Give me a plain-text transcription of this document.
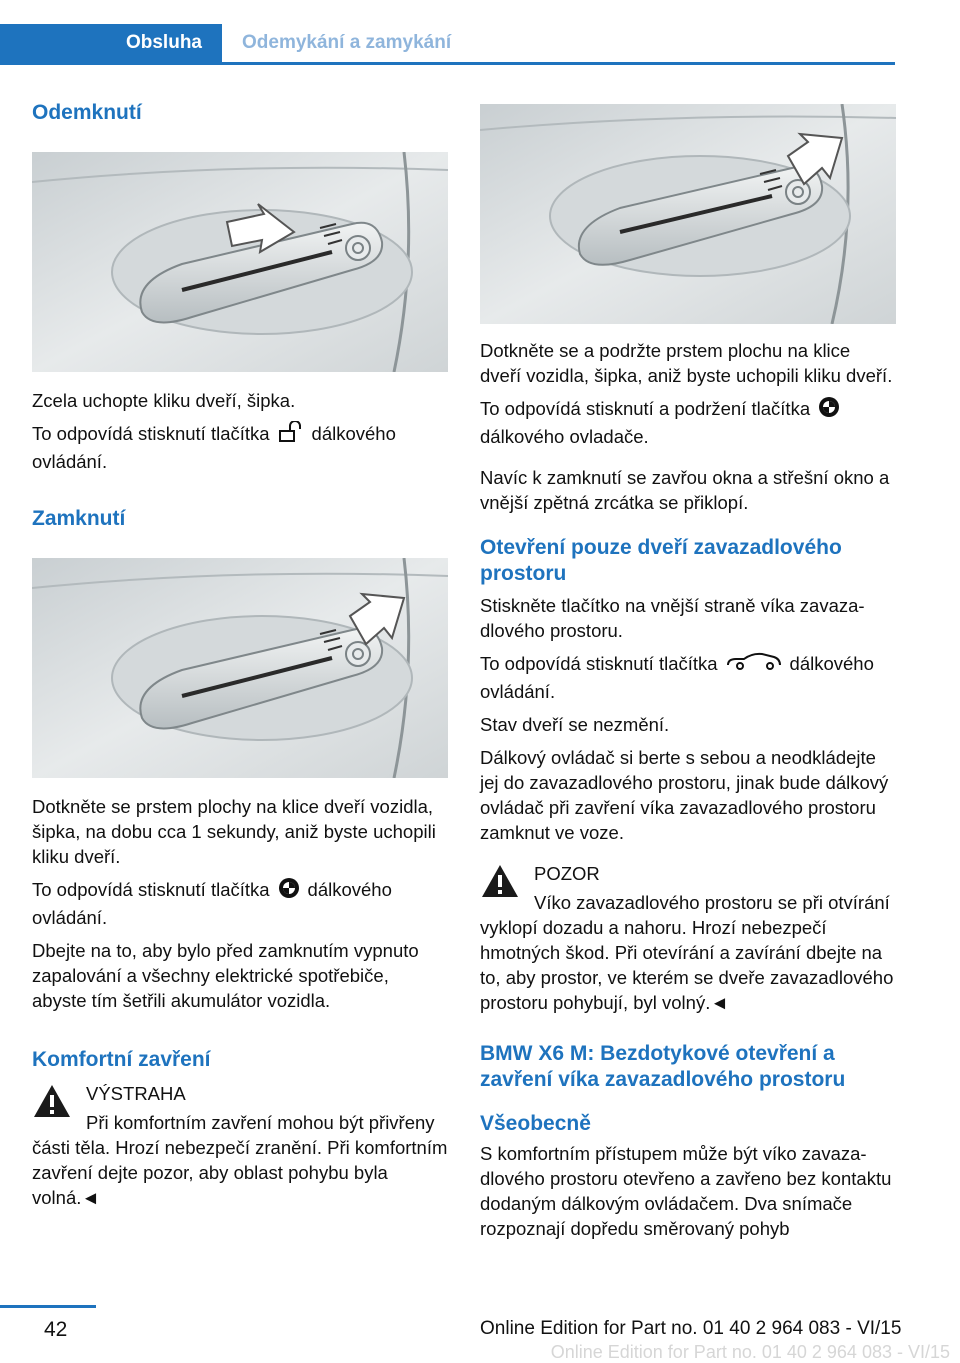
Obsluha Odemykání a zamykání
Odemknutí

Zcela uchopte kliku dveří, šipka.

To odpovídá stisknutí tlačítka dálkového ovládání.

Zamknutí

Dotkněte se prstem plochy na klice dveří vozidla, šipka, na dobu cca 1 sekundy, aniž byste uchopili kliku dveří.

To odpovídá stisknutí tlačítka dálkového ovládání.

Dbejte na to, aby bylo před zamknutím vypnuto zapalování a všechny elektrické spotřebiče, abyste tím šetřili akumulátor vozidla.

Komfortní zavření
VÝSTRAHA

Při komfortním zavření mohou být přivřeny části těla. Hrozí nebezpečí zranění. Při komfortním zavření dejte pozor, aby oblast pohybu byla volná.◄

Dotkněte se a podržte prstem plochu na klice dveří vozidla, šipka, aniž byste uchopili kliku dveří.

To odpovídá stisknutí a podržení tlačítka
dálkového ovladače.

Navíc k zamknutí se zavřou okna a střešní okno a vnější zpětná zrcátka se přiklopí.

Otevření pouze dveří zavazadlového prostoru

Stiskněte tlačítko na vnější straně víka zavazadlového prostoru.

To odpovídá stisknutí tlačítka	dálkového ovládání.

Stav dveří se nezmění.

Dálkový ovládač si berte s sebou a neodkládejte jej do zavazadlového prostoru, jinak bude dálkový ovládač při zavření víka zavazadlového prostoru zamknut ve voze.

POZOR

Víko zavazadlového prostoru se při otvírání vyklopí dozadu a nahoru. Hrozí nebezpečí hmotných škod. Při otevírání a zavírání dbejte na to, aby prostor, ve kterém se dveře zavazadlového prostoru pohybují, byl volný.◄

BMW X6 M: Bezdotykové otevření a zavření víka zavazadlového prostoru
Všeobecně

S komfortním přístupem může být víko zavazadlového prostoru otevřeno a zavřeno bez kontaktu dodaným dálkovým ovládačem. Dva snímače rozpoznají dopředu směrovaný pohyb

42	Online Edition for Part no. 01 40 2 964 083 - VI/15
Online Edition for Part no. 01 40 2 964 083 - VI/15
